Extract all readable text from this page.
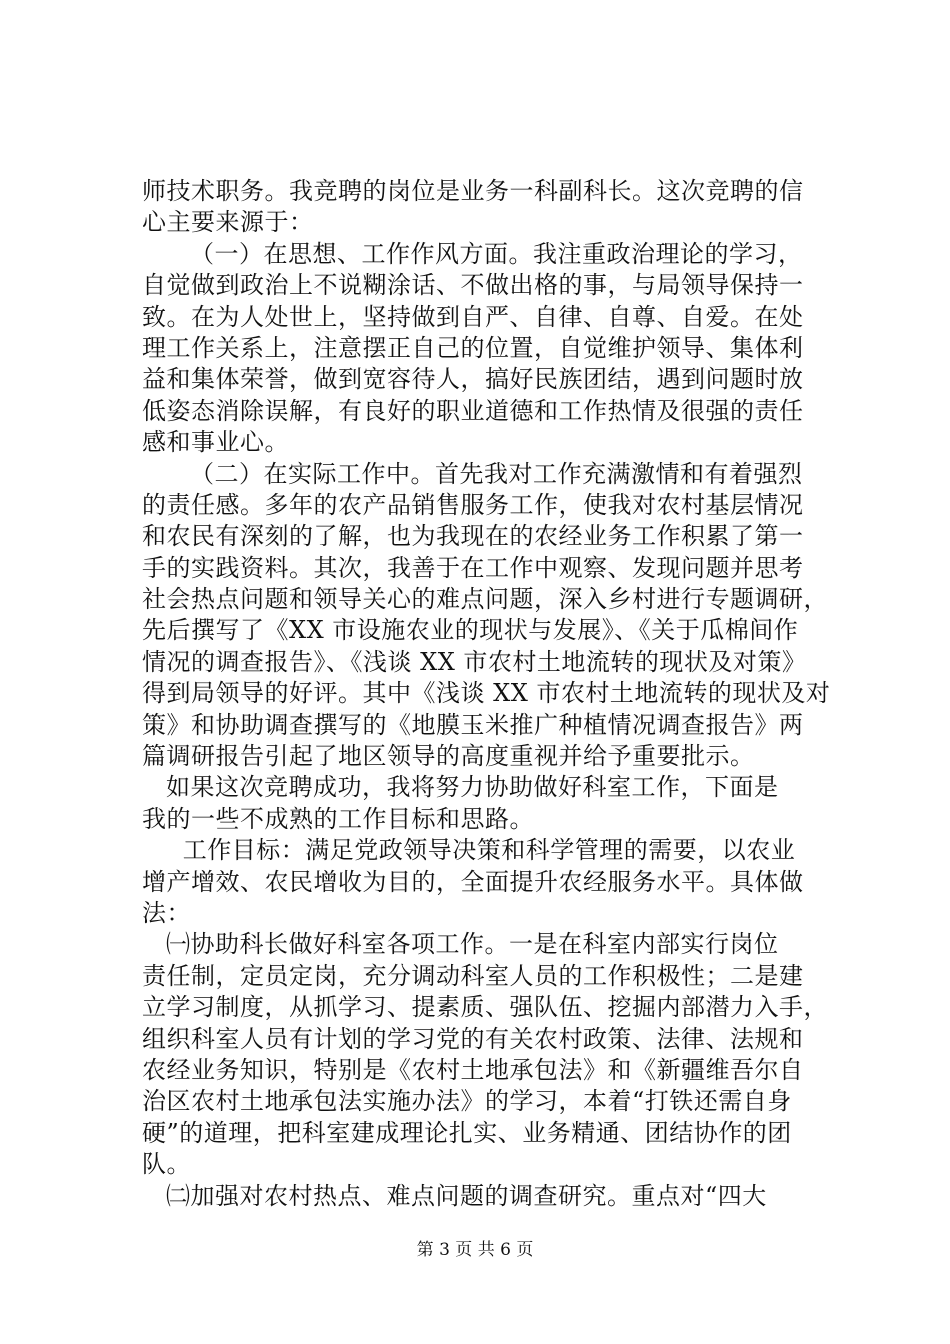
师技术职务。我竞聘的岗位是业务一科副科长。这次竞聘的信
心主要来源于：
（一）在思想、工作作风方面。我注重政治理论的学习，
自觉做到政治上不说糊涂话、不做出格的事，与局领导保持一
致。在为人处世上，坚持做到自严、自律、自尊、自爱。在处
理工作关系上，注意摆正自己的位置，自觉维护领导、集体利
益和集体荣誉，做到宽容待人，搞好民族团结，遇到问题时放
低姿态消除误解，有良好的职业道德和工作热情及很强的责任
感和事业心。
（二）在实际工作中。首先我对工作充满激情和有着强烈
的责任感。多年的农产品销售服务工作，使我对农村基层情况
和农民有深刻的了解，也为我现在的农经业务工作积累了第一
手的实践资料。其次，我善于在工作中观察、发现问题并思考
社会热点问题和领导关心的难点问题，深入乡村进行专题调研，
先后撰写了《XX 市设施农业的现状与发展》、《关于瓜棉间作
情况的调查报告》、《浅谈 XX 市农村土地流转的现状及对策》
得到局领导的好评。其中《浅谈 XX 市农村土地流转的现状及对
策》和协助调查撰写的《地膜玉米推广种植情况调查报告》两
篇调研报告引起了地区领导的高度重视并给予重要批示。
如果这次竞聘成功，我将努力协助做好科室工作，下面是
我的一些不成熟的工作目标和思路。
工作目标：满足党政领导决策和科学管理的需要，以农业
增产增效、农民增收为目的，全面提升农经服务水平。具体做
法：
㈠协助科长做好科室各项工作。一是在科室内部实行岗位
责任制，定员定岗，充分调动科室人员的工作积极性；二是建
立学习制度，从抓学习、提素质、强队伍、挖掘内部潜力入手，
组织科室人员有计划的学习党的有关农村政策、法律、法规和
农经业务知识，特别是《农村土地承包法》和《新疆维吾尔自
治区农村土地承包法实施办法》的学习，本着“打铁还需自身
硬”的道理，把科室建成理论扎实、业务精通、团结协作的团
队。
㈡加强对农村热点、难点问题的调查研究。重点对“四大
第 3 页 共 6 页
